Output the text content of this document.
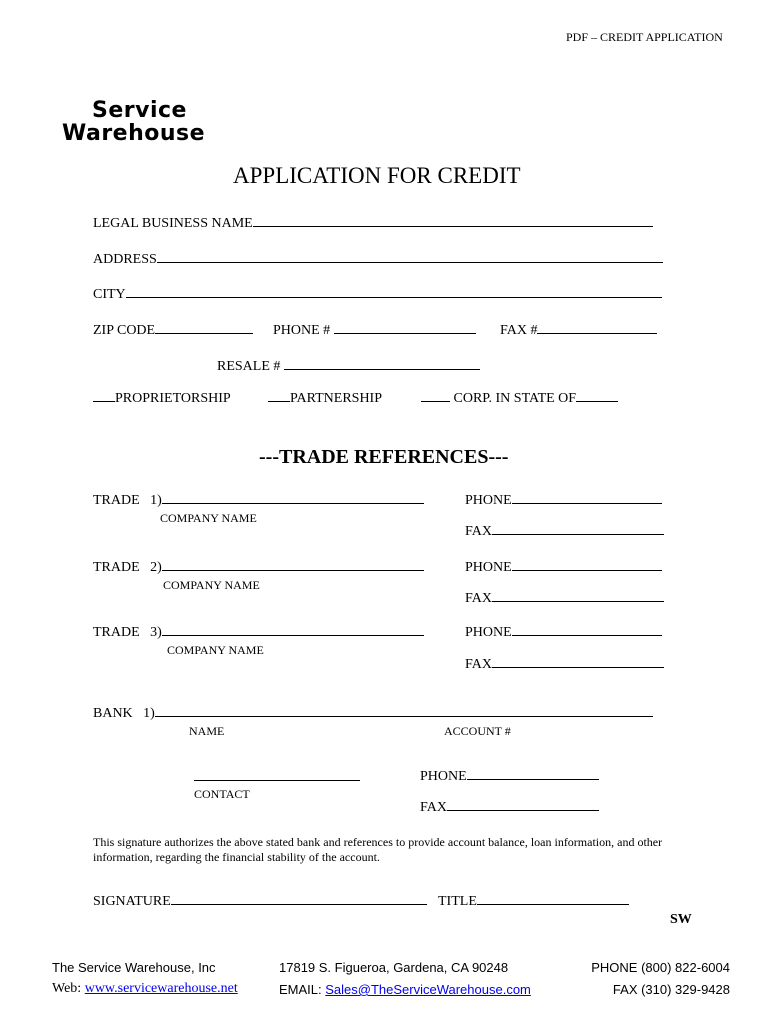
PDF – CREDIT APPLICATION
Service
Warehouse
APPLICATION FOR CREDIT
LEGAL BUSINESS NAME
ADDRESS
CITY
ZIP CODE	PHONE #	FAX #
RESALE #
PROPRIETORSHIP	PARTNERSHIP	CORP. IN STATE OF
---TRADE REFERENCES---
TRADE   1)
COMPANY NAME
PHONE
FAX
TRADE   2)
COMPANY NAME
PHONE
FAX
TRADE   3)
COMPANY NAME
PHONE
FAX
BANK   1)
NAME	ACCOUNT #
CONTACT
PHONE
FAX
This signature authorizes the above stated bank and references to provide account balance, loan information, and other
information, regarding the financial stability of the account.
SIGNATURE	TITLE
SW
The Service Warehouse, Inc
Web: www.servicewarehouse.net
17819 S. Figueroa, Gardena, CA 90248
EMAIL: Sales@TheServiceWarehouse.com
PHONE (800) 822-6004
FAX (310) 329-9428
